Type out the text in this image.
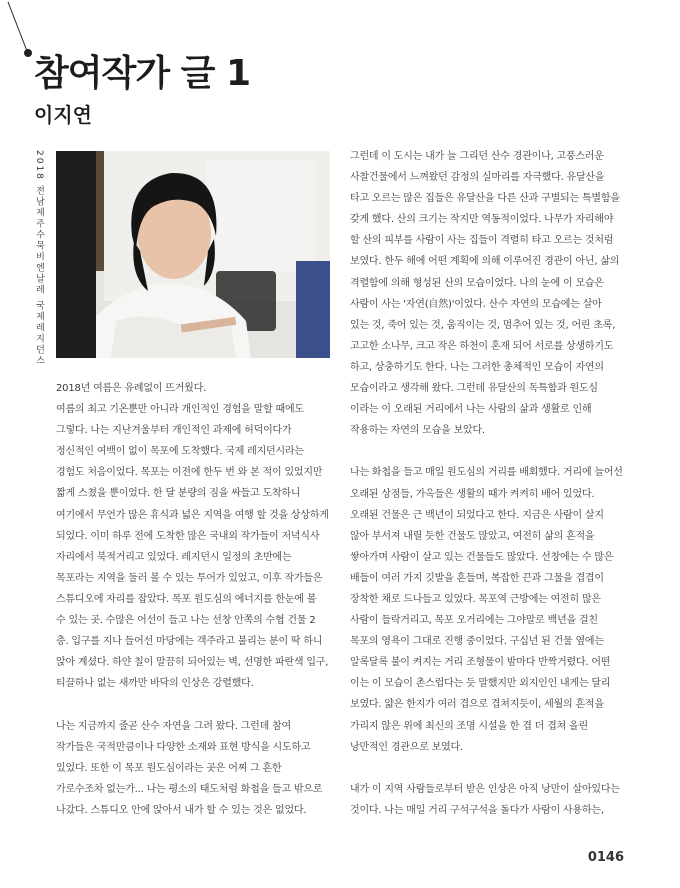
참여작가 글 1
이지연
2018 전남제주수묵비엔날레 국제레지던스
2018년 여름은 유례없이 뜨거웠다.
여름의 최고 기온뿐만 아니라 개인적인 경험을 말할 때에도
그렇다. 나는 지난겨울부터 개인적인 과제에 허덕이다가
정신적인 여백이 없이 목포에 도착했다. 국제 레지던시라는
경험도 처음이었다. 목포는 이전에 한두 번 와 본 적이 있었지만
짧게 스쳤을 뿐이었다. 한 달 분량의 짐을 싸들고 도착하니
여기에서 무언가 많은 휴식과 넓은 지역을 여행 할 것을 상상하게
되었다. 이미 하루 전에 도착한 많은 국내외 작가들이 저녁식사
자리에서 북적거리고 있었다. 레지던시 일정의 초반에는
목포라는 지역을 둘러 볼 수 있는 투어가 있었고, 이후 작가들은
스튜디오에 자리를 잡았다. 목포 원도심의 에너지를 한눈에 볼
수 있는 곳. 수많은 어선이 들고 나는 선창 안쪽의 수협 건물 2
층. 입구를 지나 들어선 마당에는 객주라고 불리는 분이 딱 하니
앉아 계셨다. 하얀 칠이 말끔히 되어있는 벽, 선명한 파란색 입구,
티끌하나 없는 새까만 바닥의 인상은 강렬했다.
나는 지금까지 줄곧 산수 자연을 그려 왔다. 그런데 참여
작가들은 국적만큼이나 다양한 소재와 표현 방식을 시도하고
있었다. 또한 이 목포 원도심이라는 곳은 어찌 그 흔한
가로수조차 없는가... 나는 평소의 태도처럼 화첩을 들고 밖으로
나갔다. 스튜디오 안에 앉아서 내가 할 수 있는 것은 없었다.
그런데 이 도시는 내가 늘 그리던 산수 경관이나, 고풍스러운
사찰건물에서 느껴왔던 감정의 실마리를 자극했다. 유달산을
타고 오르는 많은 집들은 유달산을 다른 산과 구별되는 특별함을
갖게 했다. 산의 크기는 작지만 역동적이었다. 나무가 자리해야
할 산의 피부를 사람이 사는 집들이 격렬히 타고 오르는 것처럼
보였다. 한두 해에 어떤 계획에 의해 이루어진 경관이 아닌, 삶의
격렬함에 의해 형성된 산의 모습이었다. 나의 눈에 이 모습은
사람이 사는 '자연(自然)'이었다. 산수 자연의 모습에는 살아
있는 것, 죽어 있는 것, 움직이는 것, 멈추어 있는 것, 어린 초록,
고고한 소나무, 크고 작은 하천이 혼재 되어 서로를 상생하기도
하고, 상충하기도 한다. 나는 그러한 총체적인 모습이 자연의
모습이라고 생각해 왔다. 그런데 유달산의 독특함과 원도심
이라는 이 오래된 거리에서 나는 사람의 삶과 생활로 인해
작용하는 자연의 모습을 보았다.
나는 화첩을 들고 매일 원도심의 거리를 배회했다. 거리에 늘어선
오래된 상점들, 가옥들은 생활의 때가 켜켜히 배어 있었다.
오래된 건물은 근 백년이 되었다고 한다. 지금은 사람이 살지
않아 부서져 내릴 듯한 건물도 많았고, 여전히 삶의 흔적을
쌓아가며 사람이 살고 있는 건물들도 많았다. 선창에는 수 많은
배들이 여러 가지 깃발을 흔들며, 복잡한 끈과 그물을 겹겹이
장착한 채로 드나들고 있었다. 목포역 근방에는 여전히 많은
사람이 들락거리고, 목포 오거리에는 그야말로 백년을 걸친
목포의 영욕이 그대로 진행 중이었다. 구십년 된 건물 옆에는
알록달록 불이 켜지는 거리 조형물이 밤마다 반짝거렸다. 어떤
이는 이 모습이 촌스럽다는 듯 말했지만 외지인인 내게는 달리
보였다. 얇은 한지가 여러 겹으로 겹쳐지듯이, 세월의 흔적을
가리지 않은 위에 최신의 조명 시설을 한 겹 더 겹쳐 올린
낭만적인 경관으로 보였다.
내가 이 지역 사람들로부터 받은 인상은 아직 낭만이 살아있다는
것이다. 나는 매일 거리 구석구석을 돌다가 사람이 사용하는,
0146
